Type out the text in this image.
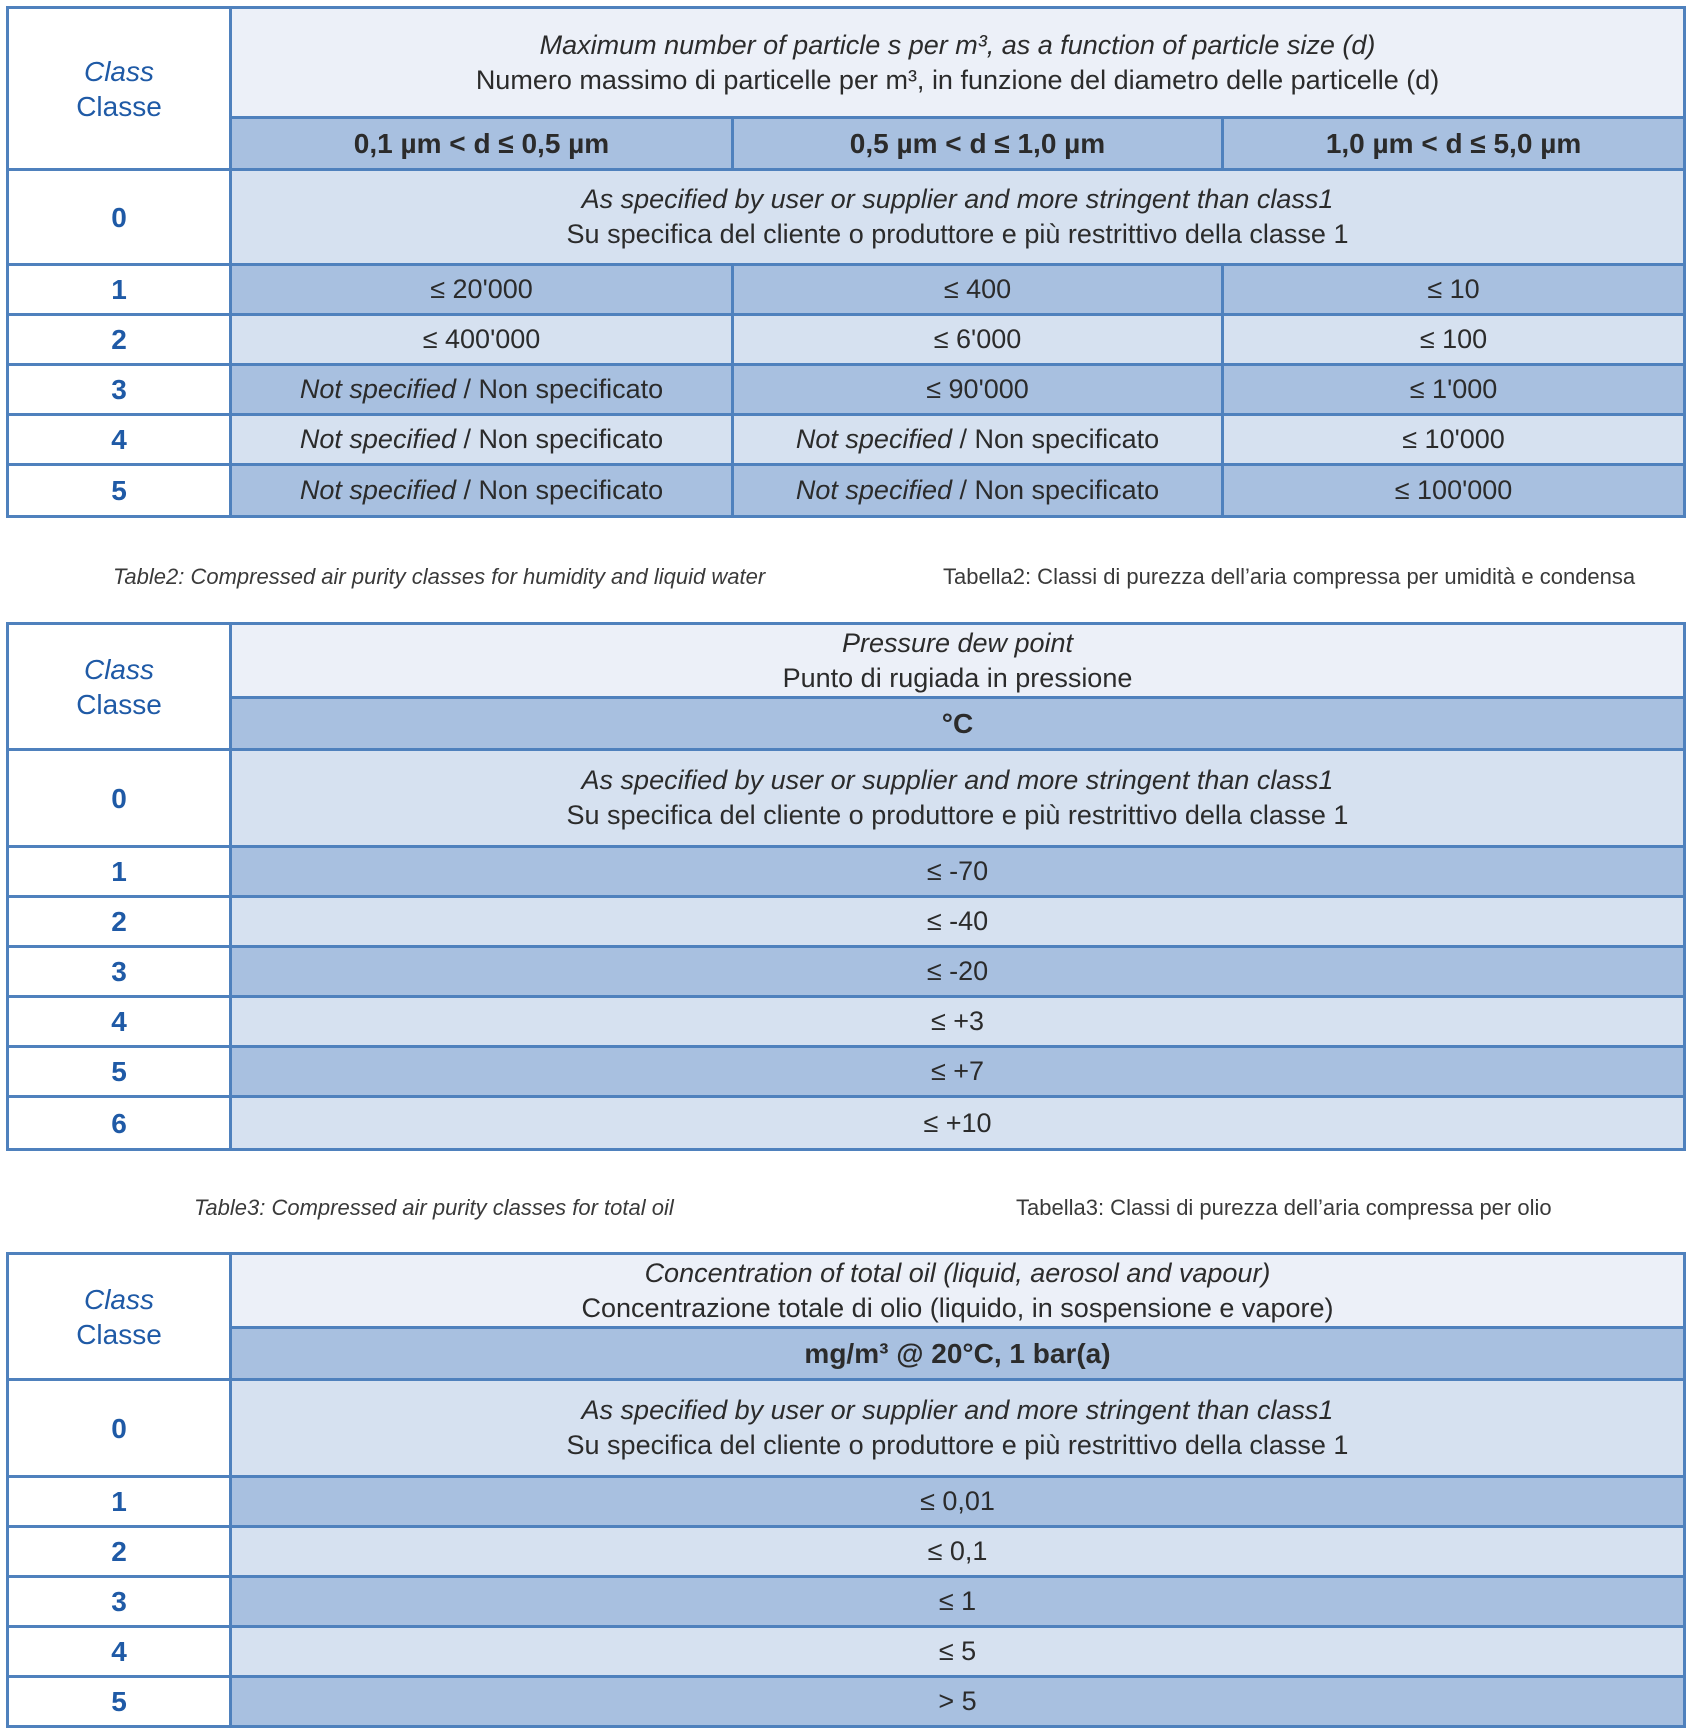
Class
Classe	Maximum number of particle s per m³, as a function of particle size (d)
Numero massimo di particelle per m³, in funzione del diametro delle particelle (d)		

	0,1 µm < d ≤ 0,5 µm	0,5 µm < d ≤ 1,0 µm	1,0 µm < d ≤ 5,0 µm
0	As specified by user or supplier and more stringent than class1
Su specifica del cliente o produttore e più restrittivo della classe 1		

1	≤ 20'000	≤ 400	≤ 10
2	≤ 400'000	≤ 6'000	≤ 100
3	Not specified / Non specificato	≤ 90'000	≤ 1'000
4	Not specified / Non specificato	Not specified / Non specificato	≤ 10'000
5	Not specified / Non specificato	Not specified / Non specificato	≤ 100'000
Table2: Compressed air purity classes for humidity and liquid water	Tabella2: Classi di purezza dell’aria compressa per umidità e condensa
Class
Classe	Pressure dew point
Punto di rugiada in pressione

	°C
0	As specified by user or supplier and more stringent than class1
Su specifica del cliente o produttore e più restrittivo della classe 1

1	≤ -70
2	≤ -40
3	≤ -20
4	≤ +3
5	≤ +7
6	≤ +10
Table3: Compressed air purity classes for total oil	Tabella3: Classi di purezza dell’aria compressa per olio
Class
Classe	Concentration of total oil (liquid, aerosol and vapour)
Concentrazione totale di olio (liquido, in sospensione e vapore)

	mg/m³ @ 20°C, 1 bar(a)
0	As specified by user or supplier and more stringent than class1
Su specifica del cliente o produttore e più restrittivo della classe 1

1	≤ 0,01
2	≤ 0,1
3	≤ 1
4	≤ 5
5	> 5
